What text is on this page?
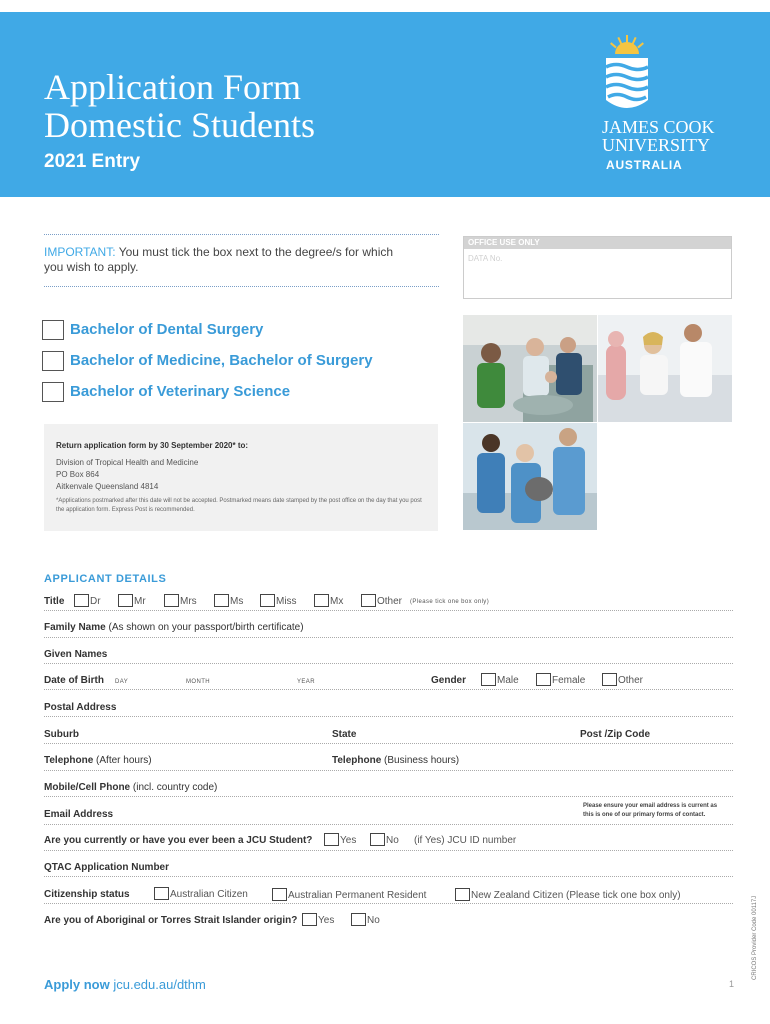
Application Form
Domestic Students
2021 Entry
JAMES COOK
UNIVERSITY
AUSTRALIA
IMPORTANT: You must tick the box next to the degree/s for which you wish to apply.
OFFICE USE ONLY
DATA No.
Bachelor of Dental Surgery
Bachelor of Medicine, Bachelor of Surgery
Bachelor of Veterinary Science
Return application form by 30 September 2020* to:
Division of Tropical Health and Medicine
PO Box 864
Aitkenvale Queensland 4814
*Applications postmarked after this date will not be accepted. Postmarked means date stamped by the post office on the day that you post the application form. Express Post is recommended.
APPLICANT DETAILS
Title	Dr	Mr	Mrs	Ms	Miss	Mx	Other (Please tick one box only)
Family Name (As shown on your passport/birth certificate)
Given Names
Date of Birth DAY	MONTH	YEAR	Gender	Male	Female	Other
Postal Address
Suburb	State	Post /Zip Code
Telephone (After hours)	Telephone (Business hours)
Mobile/Cell Phone (incl. country code)
Email Address
Please ensure your email address is current as
this is one of our primary forms of contact.
Are you currently or have you ever been a JCU Student?	Yes	No (if Yes) JCU ID number
QTAC Application Number
Citizenship status	Australian Citizen	Australian Permanent Resident	New Zealand Citizen (Please tick one box only)
Are you of Aboriginal or Torres Strait Islander origin? Yes	No
Apply now jcu.edu.au/dthm	1
CRICOS Provider Code 00117J
